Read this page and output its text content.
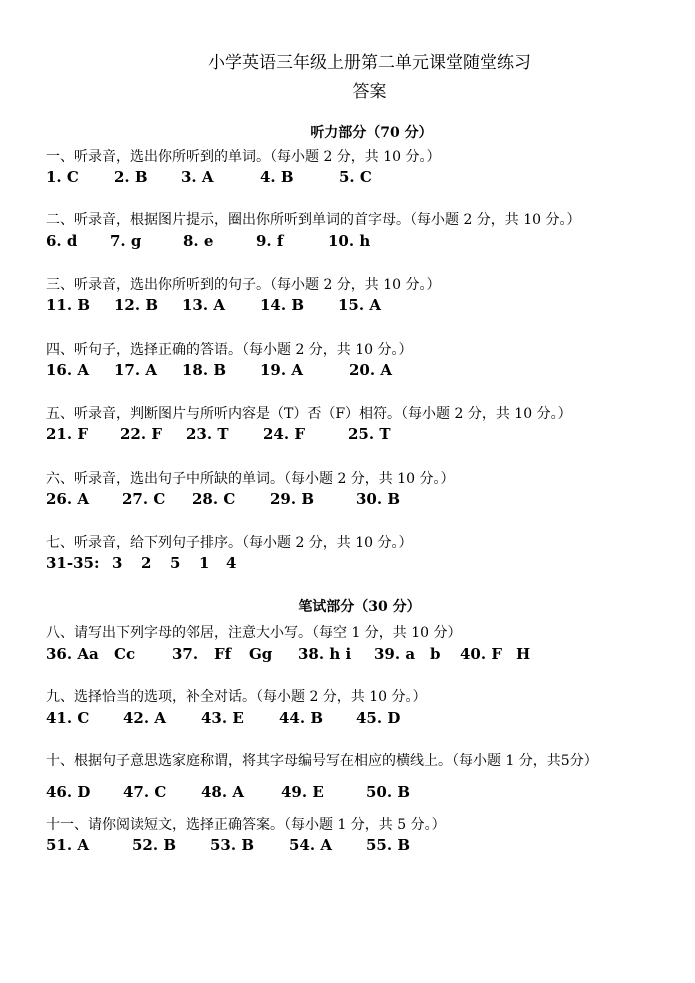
小学英语三年级上册第二单元课堂随堂练习
答案
听力部分（70 分）
一、听录音，选出你所听到的单词。（每小题 2 分，共 10 分。）
1. C 2. B 3. A	4. B	5. C
二、听录音，根据图片提示，圈出你所听到单词的首字母。（每小题 2 分，共 10 分。）
6. d 7. g	8. e	9. f	10. h
三、听录音，选出你所听到的句子。（每小题 2 分，共 10 分。）
11. B 12. B 13. A 14. B 15. A
四、听句子，选择正确的答语。（每小题 2 分，共 10 分。）
16. A 17. A 18. B 19. A	20. A
五、听录音，判断图片与所听内容是（T）否（F）相符。（每小题 2 分，共 10 分。）
21. F 22. F 23. T 24. F	25. T
六、听录音，选出句子中所缺的单词。（每小题 2 分，共 10 分。）
26. A 27. C 28. C 29. B	30. B
七、听录音，给下列句子排序。（每小题 2 分，共 10 分。）
31-35: 3 2 5 1 4
笔试部分（30 分）
八、请写出下列字母的邻居，注意大小写。（每空 1 分，共 10 分）
36. Aa Cc 37. Ff Gg 38. h i 39. a b 40. F H
九、选择恰当的选项，补全对话。（每小题 2 分，共 10 分。）
41. C 42. A 43. E 44. B 45. D
十、根据句子意思选家庭称谓，将其字母编号写在相应的横线上。（每小题 1 分，共5分）
46. D 47. C 48. A 49. E	50. B
十一、请你阅读短文，选择正确答案。（每小题 1 分，共 5 分。）
51. A	52. B 53. B 54. A 55. B
